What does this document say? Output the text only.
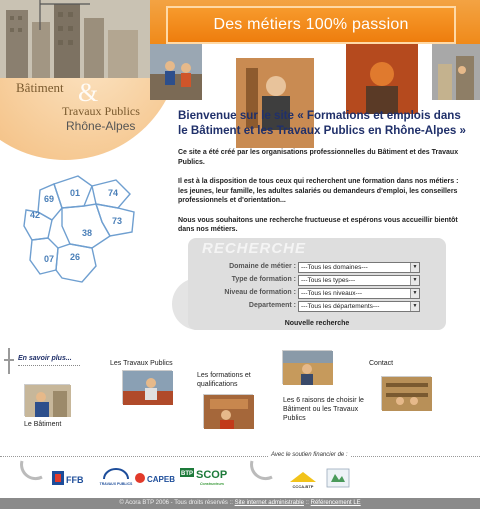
Des métiers 100% passion
Bâtiment &
Travaux Publics
Rhône-Alpes
Bienvenue sur le site « Formations et emplois dans le Bâtiment et les Travaux Publics en Rhône-Alpes »

Ce site a été créé par les organisations professionnelles du Bâtiment et des Travaux Publics.

Il est à la disposition de tous ceux qui recherchent une formation dans nos métiers : les jeunes, leur famille, les adultes salariés ou demandeurs d'emploi, les conseillers professionnels et d'orientation...

Nous vous souhaitons une recherche fructueuse et espérons vous accueillir bientôt dans nos métiers.

01
69
74
42
73
38
07 26	RECHERCHE
Domaine de métier : ---Tous les domaines---	▼
Type de formation : ---Tous les types---	▼
Niveau de formation : ---Tous les niveaux---	▼
Departement : ---Tous les départements---	▼
Nouvelle recherche
En savoir plus...
Le Bâtiment
Les Travaux Publics
Les formations et qualifications
Les 6 raisons de choisir le Bâtiment ou les Travaux Publics
Contact
Avec le soutien financier de :
FFB	TRAVAUX PUBLICS CAPEB
BTP SCOP
Constructeurs	CCCA-BTP
© Acora BTP 2006 - Tous droits réservés :: Site internet administrable :: Référencement LE
